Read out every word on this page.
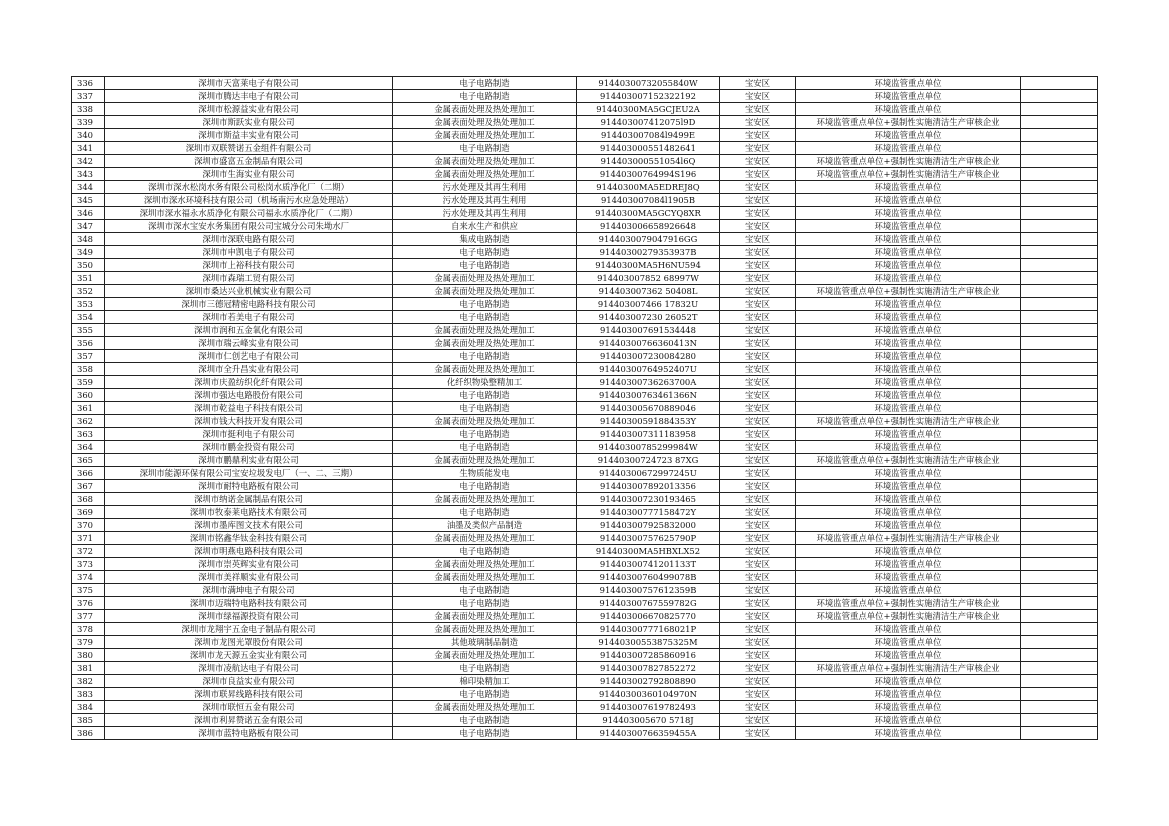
336	深圳市天富莱电子有限公司	电子电路制造	91440300732055840W	宝安区	环境监管重点单位	
337	深圳市腾达丰电子有限公司	电子电路制造	914403007152322192	宝安区	环境监管重点单位	
338	深圳市松源益实业有限公司	金属表面处理及热处理加工	91440300MA5GCJEU2A	宝安区	环境监管重点单位	
339	深圳市斯跃实业有限公司	金属表面处理及热处理加工	914403007412075l9D	宝安区	环境监管重点单位+强制性实施清洁生产审核企业	
340	深圳市斯益丰实业有限公司	金属表面处理及热处理加工	914403007084l9499E	宝安区	环境监管重点单位	
341	深圳市双联赞诺五金组件有限公司	电子电路制造	914403000551482641	宝安区	环境监管重点单位	
342	深圳市盛富五金制品有限公司	金属表面处理及热处理加工	914403000551054l6Q	宝安区	环境监管重点单位+强制性实施清洁生产审核企业	
343	深圳市生海实业有限公司	金属表面处理及热处理加工	91440300764994S196	宝安区	环境监管重点单位+强制性实施清洁生产审核企业	
344	深圳市深水松岗水务有限公司松岗水质净化厂（二期）	污水处理及其再生利用	91440300MA5EDREJ8Q	宝安区	环境监管重点单位	
345	深圳市深水环境科技有限公司（机场南污水应急处理站）	污水处理及其再生利用	914403007084l1905B	宝安区	环境监管重点单位	
346	深圳市深水福永水质净化有限公司福永水质净化厂（二期）	污水处理及其再生利用	91440300MA5GCYQ8XR	宝安区	环境监管重点单位	
347	深圳市深水宝安水务集团有限公司宝城分公司朱坳水厂	自来水生产和供应	914403006658926648	宝安区	环境监管重点单位	
348	深圳市深联电路有限公司	集成电路制造	9144030079047916GG	宝安区	环境监管重点单位	
349	深圳市申凯电子有限公司	电子电路制造	91440300279353937B	宝安区	环境监管重点单位	
350	深圳市上裕科技有限公司	电子电路制造	91440300MA5H6NU594	宝安区	环境监管重点单位	
351	深圳市森瑞工贸有限公司	金属表面处理及热处理加工	914403007852 68997W	宝安区	环境监管重点单位	
352	深圳市桑达兴业机械实业有限公司	金属表面处理及热处理加工	914403007362 50408L	宝安区	环境监管重点单位+强制性实施清洁生产审核企业	
353	深圳市三德冠精密电路科技有限公司	电子电路制造	914403007466 17832U	宝安区	环境监管重点单位	
354	深圳市若美电子有限公司	电子电路制造	914403007230 26052T	宝安区	环境监管重点单位	
355	深圳市润和五金氧化有限公司	金属表面处理及热处理加工	914403007691534448	宝安区	环境监管重点单位	
356	深圳市瑞云峰实业有限公司	金属表面处理及热处理加工	91440300766360413N	宝安区	环境监管重点单位	
357	深圳市仁创艺电子有限公司	电子电路制造	914403007230084280	宝安区	环境监管重点单位	
358	深圳市全升昌实业有限公司	金属表面处理及热处理加工	91440300764952407U	宝安区	环境监管重点单位	
359	深圳市庆盈纺织化纤有限公司	化纤织物染整精加工	91440300736263700A	宝安区	环境监管重点单位	
360	深圳市强达电路股份有限公司	电子电路制造	91440300763461366N	宝安区	环境监管重点单位	
361	深圳市乾益电子科技有限公司	电子电路制造	914403005670889046	宝安区	环境监管重点单位	
362	深圳市钱大科技开发有限公司	金属表面处理及热处理加工	91440300591884353Y	宝安区	环境监管重点单位+强制性实施清洁生产审核企业	
363	深圳市挺利电子有限公司	电子电路制造	914403007311183958	宝安区	环境监管重点单位	
364	深圳市鹏金投资有限公司	电子电路制造	91440300785299984W	宝安区	环境监管重点单位	
365	深圳市鹏鼎利实业有限公司	金属表面处理及热处理加工	91440300724723 87XG	宝安区	环境监管重点单位+强制性实施清洁生产审核企业	
366	深圳市能源环保有限公司宝安垃圾发电厂（一、二、三期）	生物质能发电	91440300672997245U	宝安区	环境监管重点单位	
367	深圳市耐特电路板有限公司	电子电路制造	914403007892013356	宝安区	环境监管重点单位	
368	深圳市纳诺金属制品有限公司	金属表面处理及热处理加工	914403007230193465	宝安区	环境监管重点单位	
369	深圳市牧泰莱电路技术有限公司	电子电路制造	91440300777158472Y	宝安区	环境监管重点单位	
370	深圳市墨库图文技术有限公司	油墨及类似产品制造	914403007925832000	宝安区	环境监管重点单位	
371	深圳市铭鑫华钛金科技有限公司	金属表面处理及热处理加工	91440300757625790P	宝安区	环境监管重点单位+强制性实施清洁生产审核企业	
372	深圳市明燕电路科技有限公司	电子电路制造	91440300MA5HBXLX52	宝安区	环境监管重点单位	
373	深圳市崇英辉实业有限公司	金属表面处理及热处理加工	91440300741201133T	宝安区	环境监管重点单位	
374	深圳市美祥顺实业有限公司	金属表面处理及热处理加工	91440300760499078B	宝安区	环境监管重点单位	
375	深圳市满坤电子有限公司	电子电路制造	91440300757612359B	宝安区	环境监管重点单位	
376	深圳市迈瑞特电路科技有限公司	电子电路制造	91440300767559782G	宝安区	环境监管重点单位+强制性实施清洁生产审核企业	
377	深圳市绿福源投资有限公司	金属表面处理及热处理加工	914403006670825770	宝安区	环境监管重点单位+强制性实施清洁生产审核企业	
378	深圳市龙翔宇五金电子制品有限公司	金属表面处理及热处理加工	91440300777168021P	宝安区	环境监管重点单位	
379	深圳市龙图光罩股份有限公司	其他玻璃制品制造	91440300553875325M	宝安区	环境监管重点单位	
380	深圳市龙天源五金实业有限公司	金属表面处理及热处理加工	914403007285860916	宝安区	环境监管重点单位	
381	深圳市凌航达电子有限公司	电子电路制造	914403007827852272	宝安区	环境监管重点单位+强制性实施清洁生产审核企业	
382	深圳市良益实业有限公司	棉印染精加工	914403002792808890	宝安区	环境监管重点单位	
383	深圳市联昇线路科技有限公司	电子电路制造	91440300360104970N	宝安区	环境监管重点单位	
384	深圳市联恒五金有限公司	金属表面处理及热处理加工	914403007619782493	宝安区	环境监管重点单位	
385	深圳市利昇赞诺五金有限公司	电子电路制造	914403005670 5718J	宝安区	环境监管重点单位	
386	深圳市蓝特电路板有限公司	电子电路制造	91440300766359455A	宝安区	环境监管重点单位	
